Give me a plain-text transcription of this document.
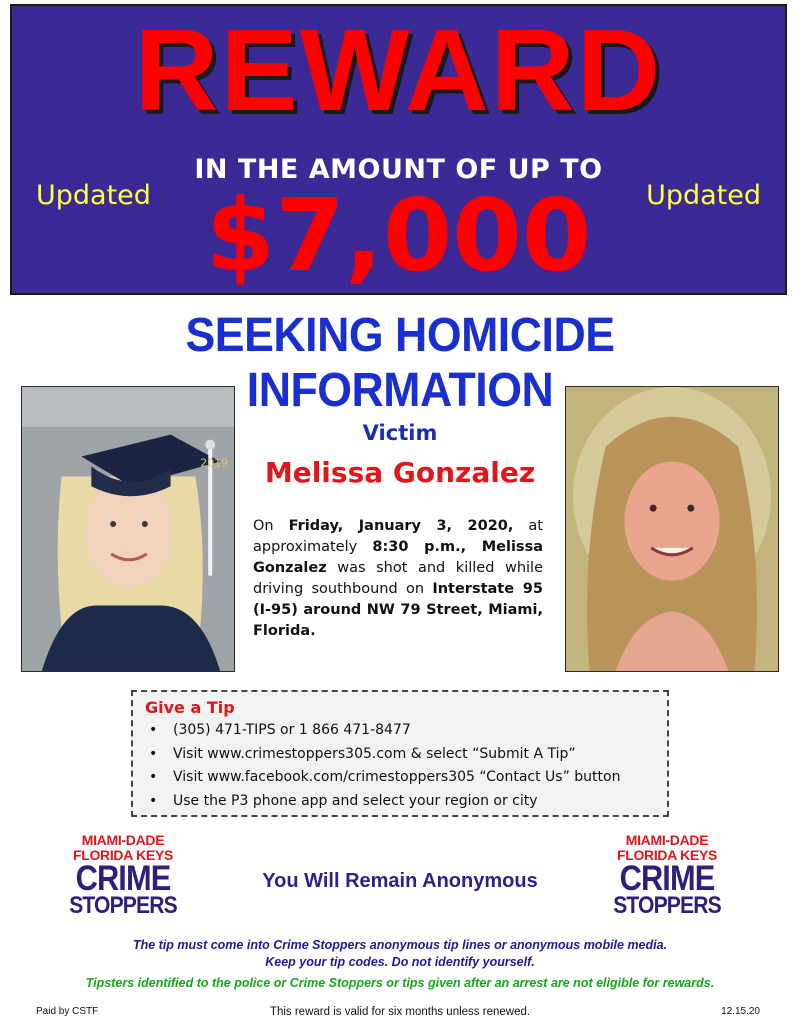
REWARD
IN THE AMOUNT OF UP TO
Updated	Updated
$7,000
SEEKING HOMICIDE INFORMATION
2019
Victim
Melissa Gonzalez
On Friday, January 3, 2020, at approximately 8:30 p.m., Melissa Gonzalez was shot and killed while driving southbound on Interstate 95 (I-95) around NW 79 Street, Miami, Florida.
Give a Tip
• (305) 471-TIPS or 1 866 471-8477
• Visit www.crimestoppers305.com & select “Submit A Tip”
• Visit www.facebook.com/crimestoppers305 “Contact Us” button
• Use the P3 phone app and select your region or city
MIAMI-DADE
FLORIDA KEYS
CRIME
STOPPERS
You Will Remain Anonymous
MIAMI-DADE
FLORIDA KEYS
CRIME
STOPPERS
The tip must come into Crime Stoppers anonymous tip lines or anonymous mobile media.
Keep your tip codes. Do not identify yourself.
Tipsters identified to the police or Crime Stoppers or tips given after an arrest are not eligible for rewards.
Paid by CSTF	This reward is valid for six months unless renewed.	12.15.20
